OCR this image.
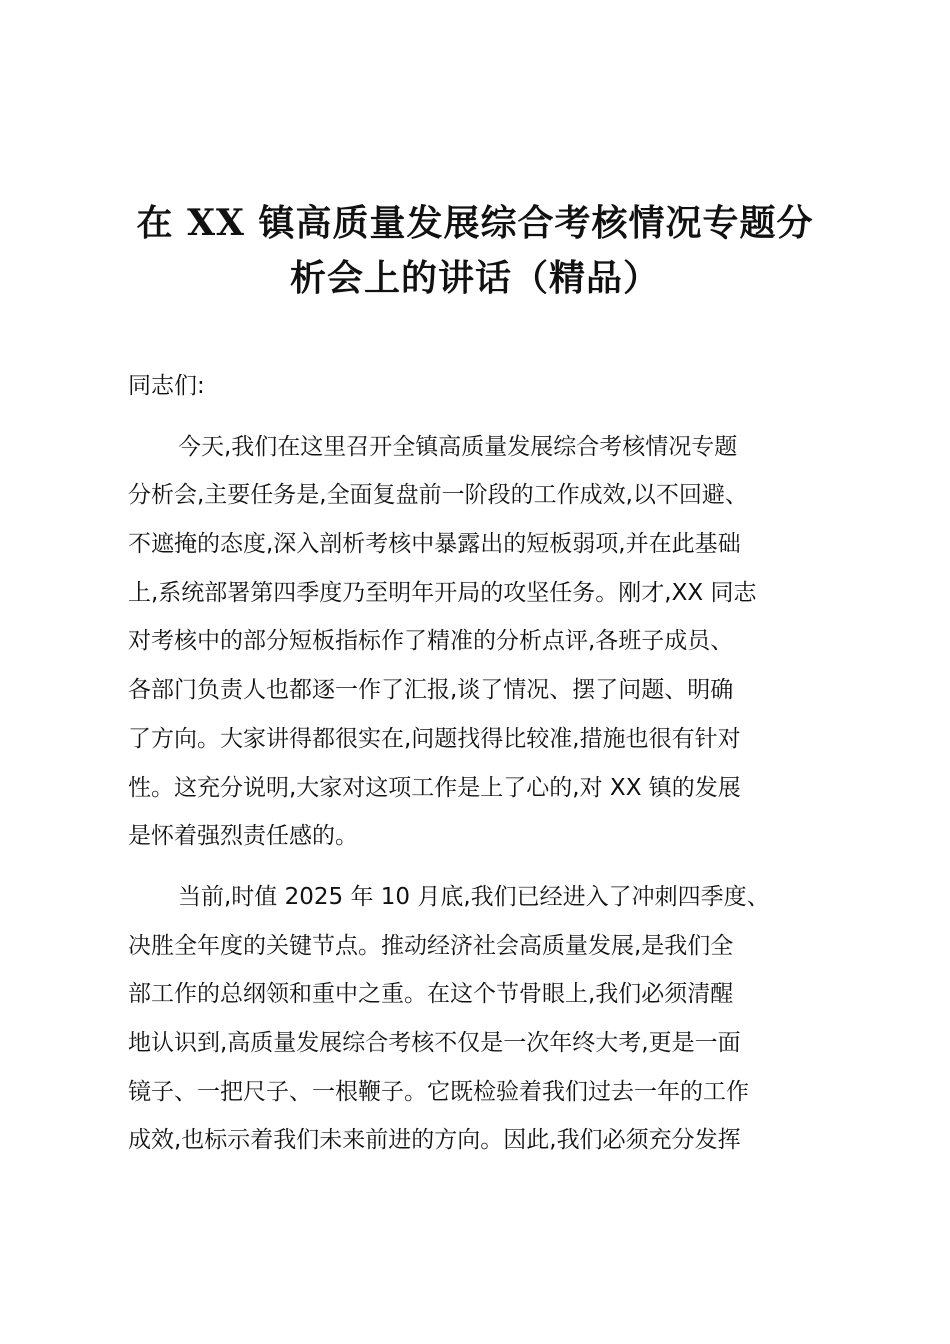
在 XX 镇高质量发展综合考核情况专题分
析会上的讲话（精品）
同志们:
今天,我们在这里召开全镇高质量发展综合考核情况专题
分析会,主要任务是,全面复盘前一阶段的工作成效,以不回避、
不遮掩的态度,深入剖析考核中暴露出的短板弱项,并在此基础
上,系统部署第四季度乃至明年开局的攻坚任务。刚才,XX 同志
对考核中的部分短板指标作了精准的分析点评,各班子成员、
各部门负责人也都逐一作了汇报,谈了情况、摆了问题、明确
了方向。大家讲得都很实在,问题找得比较准,措施也很有针对
性。这充分说明,大家对这项工作是上了心的,对 XX 镇的发展
是怀着强烈责任感的。
当前,时值 2025 年 10 月底,我们已经进入了冲刺四季度、
决胜全年度的关键节点。推动经济社会高质量发展,是我们全
部工作的总纲领和重中之重。在这个节骨眼上,我们必须清醒
地认识到,高质量发展综合考核不仅是一次年终大考,更是一面
镜子、一把尺子、一根鞭子。它既检验着我们过去一年的工作
成效,也标示着我们未来前进的方向。因此,我们必须充分发挥
